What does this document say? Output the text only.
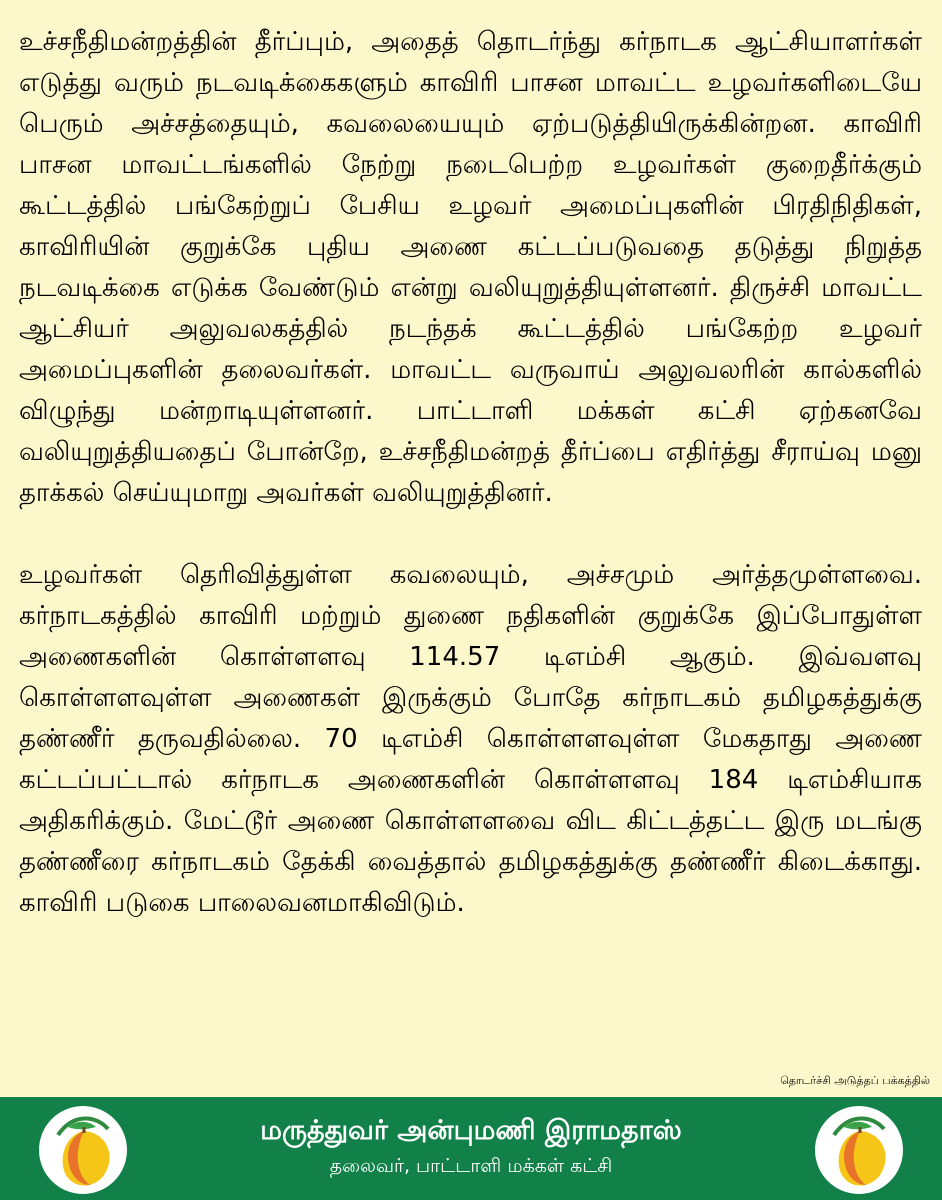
உச்சநீதிமன்றத்தின் தீர்ப்பும், அதைத் தொடர்ந்து கர்நாடக ஆட்சியாளர்கள் எடுத்து வரும் நடவடிக்கைகளும் காவிரி பாசன மாவட்ட உழவர்களிடையே பெரும் அச்சத்தையும், கவலையையும் ஏற்படுத்தியிருக்கின்றன. காவிரி பாசன மாவட்டங்களில் நேற்று நடைபெற்ற உழவர்கள் குறைதீர்க்கும் கூட்டத்தில் பங்கேற்றுப் பேசிய உழவர் அமைப்புகளின் பிரதிநிதிகள், காவிரியின் குறுக்கே புதிய அணை கட்டப்படுவதை தடுத்து நிறுத்த நடவடிக்கை எடுக்க வேண்டும் என்று வலியுறுத்தியுள்ளனர். திருச்சி மாவட்ட ஆட்சியர் அலுவலகத்தில் நடந்தக் கூட்டத்தில் பங்கேற்ற உழவர் அமைப்புகளின் தலைவர்கள். மாவட்ட வருவாய் அலுவலரின் கால்களில் விழுந்து மன்றாடியுள்ளனர். பாட்டாளி மக்கள் கட்சி ஏற்கனவே வலியுறுத்தியதைப் போன்றே, உச்சநீதிமன்றத் தீர்ப்பை எதிர்த்து சீராய்வு மனு தாக்கல் செய்யுமாறு அவர்கள் வலியுறுத்தினர்.

உழவர்கள் தெரிவித்துள்ள கவலையும், அச்சமும் அர்த்தமுள்ளவை. கர்நாடகத்தில் காவிரி மற்றும் துணை நதிகளின் குறுக்கே இப்போதுள்ள அணைகளின் கொள்ளளவு 114.57 டிஎம்சி ஆகும். இவ்வளவு கொள்ளளவுள்ள அணைகள் இருக்கும் போதே கர்நாடகம் தமிழகத்துக்கு தண்ணீர் தருவதில்லை. 70 டிஎம்சி கொள்ளளவுள்ள மேகதாது அணை கட்டப்பட்டால் கர்நாடக அணைகளின் கொள்ளளவு 184 டிஎம்சியாக அதிகரிக்கும். மேட்டூர் அணை கொள்ளளவை விட கிட்டத்தட்ட இரு மடங்கு தண்ணீரை கர்நாடகம் தேக்கி வைத்தால் தமிழகத்துக்கு தண்ணீர் கிடைக்காது. காவிரி படுகை பாலைவனமாகிவிடும்.

தொடர்ச்சி அடுத்தப் பக்கத்தில்
மருத்துவர் அன்புமணி இராமதாஸ்
தலைவர், பாட்டாளி மக்கள் கட்சி
